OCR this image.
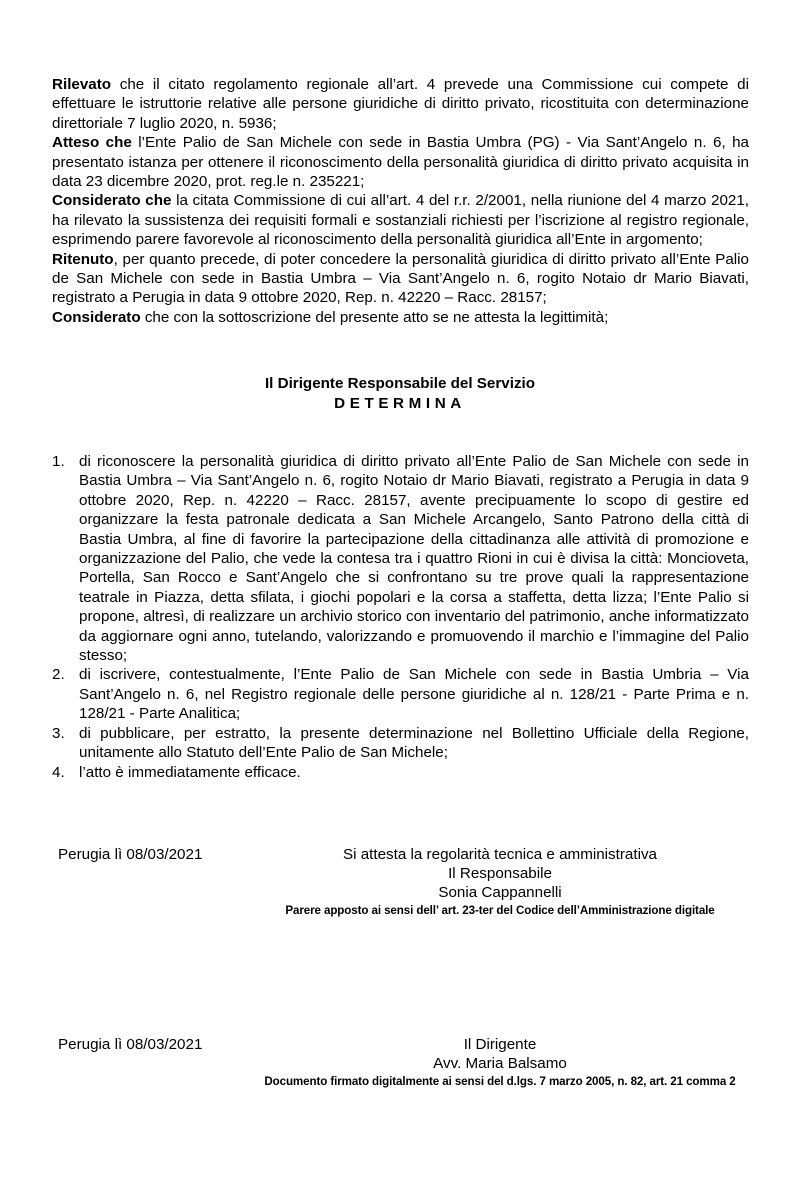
Rilevato che il citato regolamento regionale all’art. 4 prevede una Commissione cui compete di effettuare le istruttorie relative alle persone giuridiche di diritto privato, ricostituita con determinazione direttoriale 7 luglio 2020, n. 5936;

Atteso che l’Ente Palio de San Michele con sede in Bastia Umbra (PG) - Via Sant’Angelo n. 6, ha presentato istanza per ottenere il riconoscimento della personalità giuridica di diritto privato acquisita in data 23 dicembre 2020, prot. reg.le n. 235221;

Considerato che la citata Commissione di cui all’art. 4 del r.r. 2/2001, nella riunione del 4 marzo 2021, ha rilevato la sussistenza dei requisiti formali e sostanziali richiesti per l’iscrizione al registro regionale, esprimendo parere favorevole al riconoscimento della personalità giuridica all’Ente in argomento;

Ritenuto, per quanto precede, di poter concedere la personalità giuridica di diritto privato all’Ente Palio de San Michele con sede in Bastia Umbra – Via Sant’Angelo n. 6, rogito Notaio dr Mario Biavati, registrato a Perugia in data 9 ottobre 2020, Rep. n. 42220 – Racc. 28157;

Considerato che con la sottoscrizione del presente atto se ne attesta la legittimità;

Il Dirigente Responsabile del Servizio
DETERMINA
1. di riconoscere la personalità giuridica di diritto privato all’Ente Palio de San Michele con sede in Bastia Umbra – Via Sant’Angelo n. 6, rogito Notaio dr Mario Biavati, registrato a Perugia in data 9 ottobre 2020, Rep. n. 42220 – Racc. 28157, avente precipuamente lo scopo di gestire ed organizzare la festa patronale dedicata a San Michele Arcangelo, Santo Patrono della città di Bastia Umbra, al fine di favorire la partecipazione della cittadinanza alle attività di promozione e organizzazione del Palio, che vede la contesa tra i quattro Rioni in cui è divisa la città: Moncioveta, Portella, San Rocco e Sant’Angelo che si confrontano su tre prove quali la rappresentazione teatrale in Piazza, detta sfilata, i giochi popolari e la corsa a staffetta, detta lizza; l’Ente Palio si propone, altresì, di realizzare un archivio storico con inventario del patrimonio, anche informatizzato da aggiornare ogni anno, tutelando, valorizzando e promuovendo il marchio e l’immagine del Palio stesso;
2. di iscrivere, contestualmente, l’Ente Palio de San Michele con sede in Bastia Umbria – Via Sant’Angelo n. 6, nel Registro regionale delle persone giuridiche al n. 128/21 - Parte Prima e n. 128/21 - Parte Analitica;
3. di pubblicare, per estratto, la presente determinazione nel Bollettino Ufficiale della Regione, unitamente allo Statuto dell’Ente Palio de San Michele;
4. l’atto è immediatamente efficace.
Perugia lì 08/03/2021	Si attesta la regolarità tecnica e amministrativa
Il Responsabile
Sonia Cappannelli
Parere apposto ai sensi dell’ art. 23-ter del Codice dell’Amministrazione digitale
Perugia lì 08/03/2021	Il Dirigente
Avv. Maria Balsamo
Documento firmato digitalmente ai sensi del d.lgs. 7 marzo 2005, n. 82, art. 21 comma 2
